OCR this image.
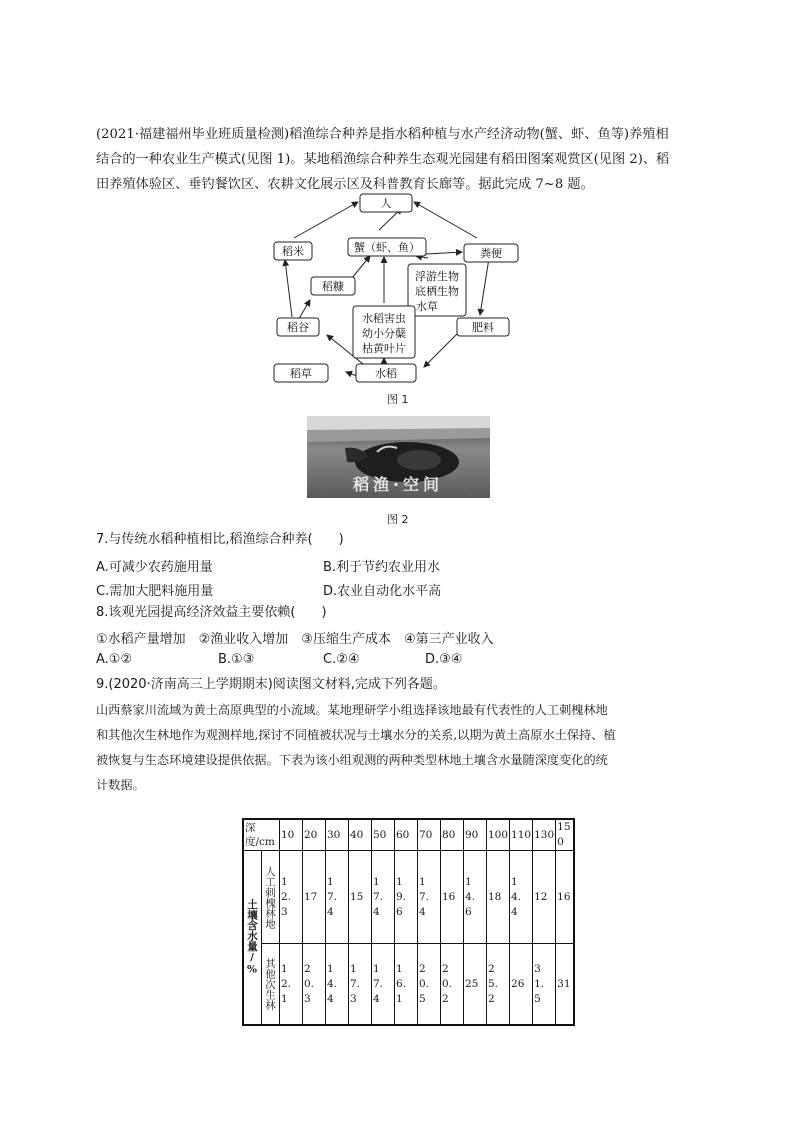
(2021·福建福州毕业班质量检测)稻渔综合种养是指水稻种植与水产经济动物(蟹、虾、鱼等)养殖相

结合的一种农业生产模式(见图 1)。某地稻渔综合种养生态观光园建有稻田图案观赏区(见图 2)、稻

田养殖体验区、垂钓餐饮区、农耕文化展示区及科普教育长廊等。据此完成 7~8 题。

人
稻米	蟹（虾、鱼）	粪便
稻糠
浮游生物
底栖生物
水草
稻谷
水稻害虫
幼小分蘖
枯黄叶片
肥料
稻草	水稻
图 1
稻渔·空间
图 2
7.与传统水稻种植相比,稻渔综合种养(　　)
A.可减少农药施用量	B.利于节约农业用水
C.需加大肥料施用量	D.农业自动化水平高
8.该观光园提高经济效益主要依赖(　　)
①水稻产量增加　②渔业收入增加　③压缩生产成本　④第三产业收入
A.①②	B.①③	C.②④	D.③④
9.(2020·济南高三上学期期末)阅读图文材料,完成下列各题。
山西蔡家川流域为黄土高原典型的小流域。某地理研学小组选择该地最有代表性的人工刺槐林地
和其他次生林地作为观测样地,探讨不同植被状况与土壤水分的关系,以期为黄土高原水土保持、植
被恢复与生态环境建设提供依据。下表为该小组观测的两种类型林地土壤含水量随深度变化的统
计数据。
深度/cm		10	20	30	40	50	60	70	80	90	100	110	130	150

土壤含水量/%	人工刺槐林地	12.3	17	17.4	15	17.4	19.6	17.4	16	14.6	18	14.4	12	16

	其他次生林	12.1	20.3	14.4	17.3	17.4	16.1	20.5	20.2	25	25.2	26	31.5	31
